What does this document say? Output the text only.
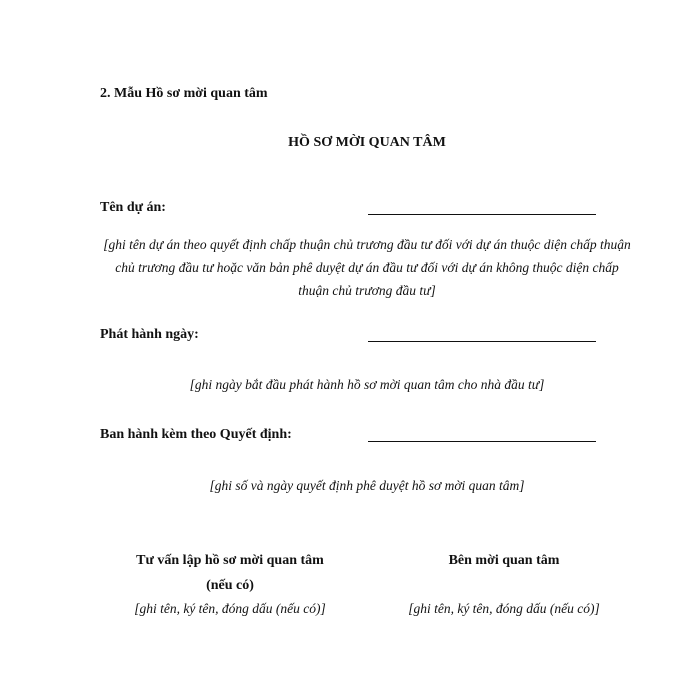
2. Mẫu Hồ sơ mời quan tâm
HỒ SƠ MỜI QUAN TÂM
Tên dự án:
[ghi tên dự án theo quyết định chấp thuận chủ trương đầu tư đối với dự án thuộc diện chấp thuận chủ trương đầu tư hoặc văn bản phê duyệt dự án đầu tư đối với dự án không thuộc diện chấp thuận chủ trương đầu tư]
Phát hành ngày:
[ghi ngày bắt đầu phát hành hồ sơ mời quan tâm cho nhà đầu tư]
Ban hành kèm theo Quyết định:
[ghi số và ngày quyết định phê duyệt hồ sơ mời quan tâm]
Tư vấn lập hồ sơ mời quan tâm
(nếu có)
[ghi tên, ký tên, đóng dấu (nếu có)]
Bên mời quan tâm

[ghi tên, ký tên, đóng dấu (nếu có)]
